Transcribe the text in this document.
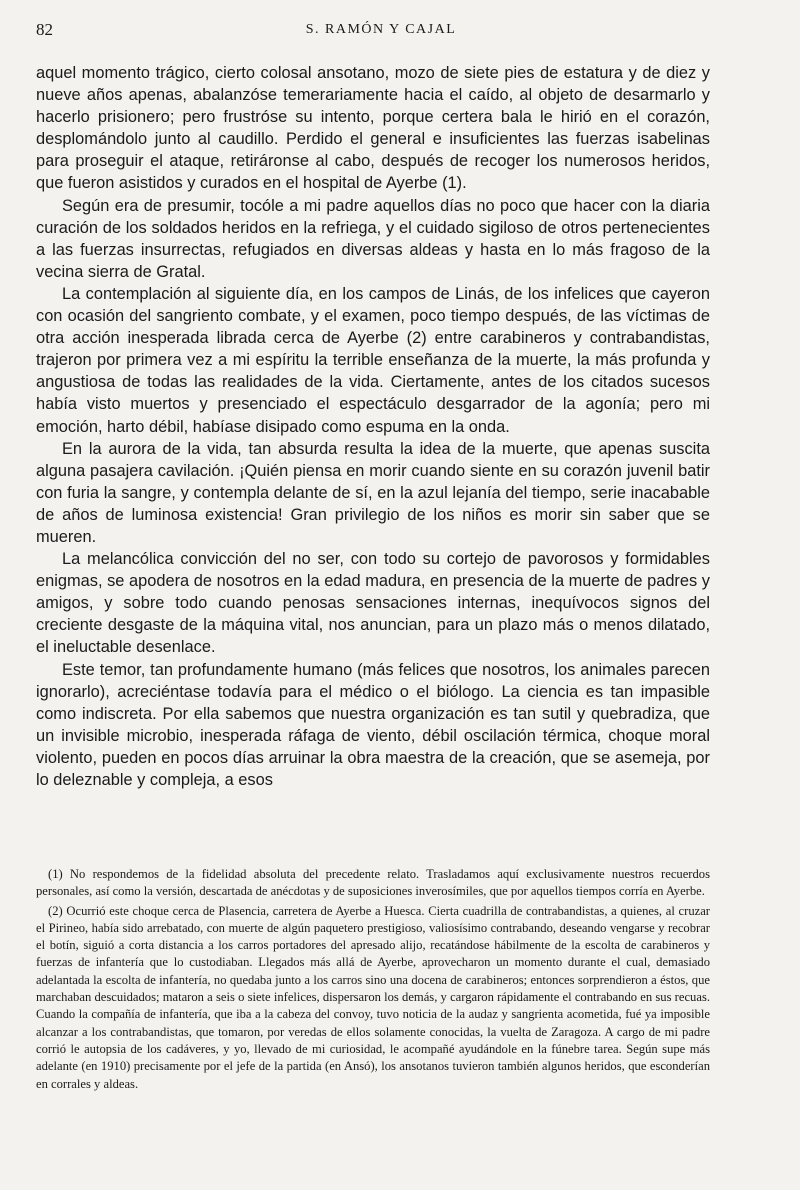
82	S. RAMÓN Y CAJAL

aquel momento trágico, cierto colosal ansotano, mozo de siete pies de estatura y de diez y nueve años apenas, abalanzóse temerariamente hacia el caído, al objeto de desarmarlo y hacerlo prisionero; pero frustróse su intento, porque certera bala le hirió en el corazón, desplomándolo junto al caudillo. Perdido el general e insuficientes las fuerzas isabelinas para proseguir el ataque, retiráronse al cabo, después de recoger los numerosos heridos, que fueron asistidos y curados en el hospital de Ayerbe (1).

Según era de presumir, tocóle a mi padre aquellos días no poco que hacer con la diaria curación de los soldados heridos en la refriega, y el cuidado sigiloso de otros pertenecientes a las fuerzas insurrectas, refugiados en diversas aldeas y hasta en lo más fragoso de la vecina sierra de Gratal.

La contemplación al siguiente día, en los campos de Linás, de los infelices que cayeron con ocasión del sangriento combate, y el examen, poco tiempo después, de las víctimas de otra acción inesperada librada cerca de Ayerbe (2) entre carabineros y contrabandistas, trajeron por primera vez a mi espíritu la terrible enseñanza de la muerte, la más profunda y angustiosa de todas las realidades de la vida. Ciertamente, antes de los citados sucesos había visto muertos y presenciado el espectáculo desgarrador de la agonía; pero mi emoción, harto débil, habíase disipado como espuma en la onda.

En la aurora de la vida, tan absurda resulta la idea de la muerte, que apenas suscita alguna pasajera cavilación. ¡Quién piensa en morir cuando siente en su corazón juvenil batir con furia la sangre, y contempla delante de sí, en la azul lejanía del tiempo, serie inacabable de años de luminosa existencia! Gran privilegio de los niños es morir sin saber que se mueren.

La melancólica convicción del no ser, con todo su cortejo de pavorosos y formidables enigmas, se apodera de nosotros en la edad madura, en presencia de la muerte de padres y amigos, y sobre todo cuando penosas sensaciones internas, inequívocos signos del creciente desgaste de la máquina vital, nos anuncian, para un plazo más o menos dilatado, el ineluctable desenlace.

Este temor, tan profundamente humano (más felices que nosotros, los animales parecen ignorarlo), acreciéntase todavía para el médico o el biólogo. La ciencia es tan impasible como indiscreta. Por ella sabemos que nuestra organización es tan sutil y quebradiza, que un invisible microbio, inesperada ráfaga de viento, débil oscilación térmica, choque moral violento, pueden en pocos días arruinar la obra maestra de la creación, que se asemeja, por lo deleznable y compleja, a esos

(1) No respondemos de la fidelidad absoluta del precedente relato. Trasladamos aquí exclusivamente nuestros recuerdos personales, así como la versión, descartada de anécdotas y de suposiciones inverosímiles, que por aquellos tiempos corría en Ayerbe.

(2) Ocurrió este choque cerca de Plasencia, carretera de Ayerbe a Huesca. Cierta cuadrilla de contrabandistas, a quienes, al cruzar el Pirineo, había sido arrebatado, con muerte de algún paquetero prestigioso, valiosísimo contrabando, deseando vengarse y recobrar el botín, siguió a corta distancia a los carros portadores del apresado alijo, recatándose hábilmente de la escolta de carabineros y fuerzas de infantería que lo custodiaban. Llegados más allá de Ayerbe, aprovecharon un momento durante el cual, demasiado adelantada la escolta de infantería, no quedaba junto a los carros sino una docena de carabineros; entonces sorprendieron a éstos, que marchaban descuidados; mataron a seis o siete infelices, dispersaron los demás, y cargaron rápidamente el contrabando en sus recuas. Cuando la compañía de infantería, que iba a la cabeza del convoy, tuvo noticia de la audaz y sangrienta acometida, fué ya imposible alcanzar a los contrabandistas, que tomaron, por veredas de ellos solamente conocidas, la vuelta de Zaragoza. A cargo de mi padre corrió le autopsia de los cadáveres, y yo, llevado de mi curiosidad, le acompañé ayudándole en la fúnebre tarea. Según supe más adelante (en 1910) precisamente por el jefe de la partida (en Ansó), los ansotanos tuvieron también algunos heridos, que esconderían en corrales y aldeas.
